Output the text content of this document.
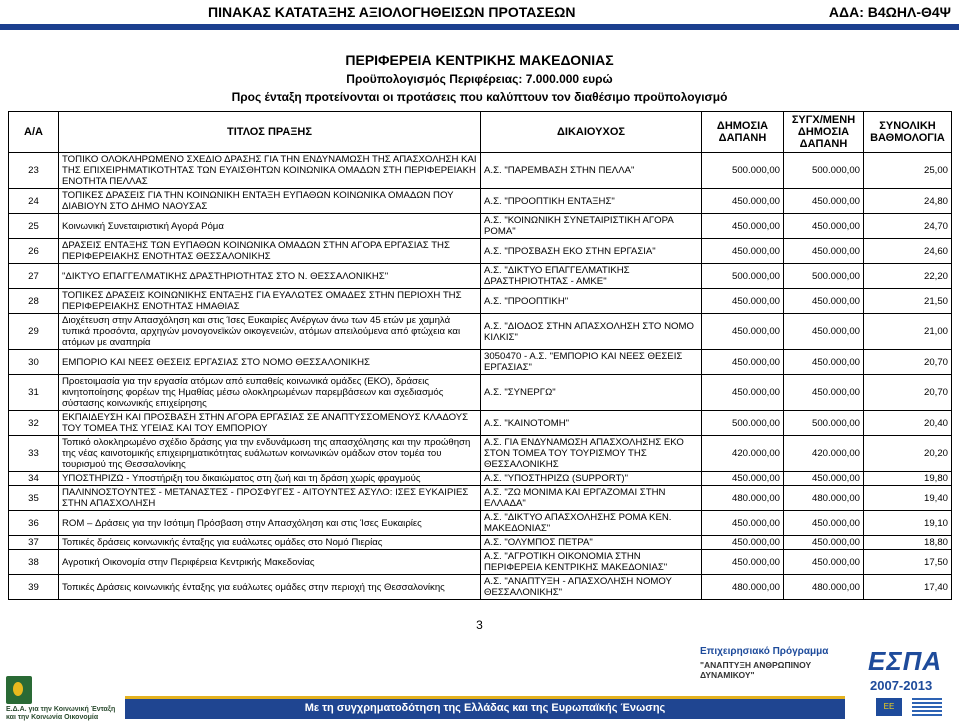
ΠΙΝΑΚΑΣ ΚΑΤΑΤΑΞΗΣ ΑΞΙΟΛΟΓΗΘΕΙΣΩΝ ΠΡΟΤΑΣΕΩΝ	ΑΔΑ: Β4ΩΗΛ-Θ4Ψ
ΠΕΡΙΦΕΡΕΙΑ ΚΕΝΤΡΙΚΗΣ ΜΑΚΕΔΟΝΙΑΣ
Προϋπολογισμός Περιφέρειας: 7.000.000 ευρώ
Προς ένταξη προτείνονται οι προτάσεις που καλύπτουν τον διαθέσιμο προϋπολογισμό
Α/Α	ΤΙΤΛΟΣ ΠΡΑΞΗΣ	ΔΙΚΑΙΟΥΧΟΣ	ΔΗΜΟΣΙΑ ΔΑΠΑΝΗ	ΣΥΓΧ/ΜΕΝΗ ΔΗΜΟΣΙΑ ΔΑΠΑΝΗ	ΣΥΝΟΛΙΚΗ ΒΑΘΜΟΛΟΓΙΑ
23	ΤΟΠΙΚΟ ΟΛΟΚΛΗΡΩΜΕΝΟ ΣΧΕΔΙΟ ΔΡΑΣΗΣ ΓΙΑ ΤΗΝ ΕΝΔΥΝΑΜΩΣΗ ΤΗΣ ΑΠΑΣΧΟΛΗΣΗ ΚΑΙ ΤΗΣ ΕΠΙΧΕΙΡΗΜΑΤΙΚΟΤΗΤΑΣ ΤΩΝ ΕΥΑΙΣΘΗΤΩΝ ΚΟΙΝΩΝΙΚΑ ΟΜΑΔΩΝ ΣΤΗ ΠΕΡΙΦΕΡΕΙΑΚΗ ΕΝΟΤΗΤΑ ΠΕΛΛΑΣ	Α.Σ. "ΠΑΡΕΜΒΑΣΗ ΣΤΗΝ ΠΕΛΛΑ"	500.000,00	500.000,00	25,00
24	ΤΟΠΙΚΕΣ ΔΡΑΣΕΙΣ ΓΙΑ ΤΗΝ ΚΟΙΝΩΝΙΚΗ ΕΝΤΑΞΗ ΕΥΠΑΘΩΝ ΚΟΙΝΩΝΙΚΑ ΟΜΑΔΩΝ ΠΟΥ ΔΙΑΒΙΟΥΝ ΣΤΟ ΔΗΜΟ ΝΑΟΥΣΑΣ	Α.Σ. "ΠΡΟΟΠΤΙΚΗ ΕΝΤΑΞΗΣ"	450.000,00	450.000,00	24,80
25	Κοινωνική Συνεταιριστική Αγορά Ρόμα	Α.Σ. "ΚΟΙΝΩΝΙΚΗ ΣΥΝΕΤΑΙΡΙΣΤΙΚΗ ΑΓΟΡΑ ΡΟΜΑ"	450.000,00	450.000,00	24,70
26	ΔΡΑΣΕΙΣ ΕΝΤΑΞΗΣ ΤΩΝ ΕΥΠΑΘΩΝ ΚΟΙΝΩΝΙΚΑ ΟΜΑΔΩΝ ΣΤΗΝ ΑΓΟΡΑ ΕΡΓΑΣΙΑΣ ΤΗΣ ΠΕΡΙΦΕΡΕΙΑΚΗΣ ΕΝΟΤΗΤΑΣ ΘΕΣΣΑΛΟΝΙΚΗΣ	Α.Σ. "ΠΡΟΣΒΑΣΗ ΕΚΟ ΣΤΗΝ ΕΡΓΑΣΙΑ"	450.000,00	450.000,00	24,60
27	"ΔΙΚΤΥΟ ΕΠΑΓΓΕΛΜΑΤΙΚΗΣ ΔΡΑΣΤΗΡΙΟΤΗΤΑΣ ΣΤΟ Ν. ΘΕΣΣΑΛΟΝΙΚΗΣ"	Α.Σ. "ΔΙΚΤΥΟ ΕΠΑΓΓΕΛΜΑΤΙΚΗΣ ΔΡΑΣΤΗΡΙΟΤΗΤΑΣ - ΑΜΚΕ"	500.000,00	500.000,00	22,20
28	ΤΟΠΙΚΕΣ ΔΡΑΣΕΙΣ ΚΟΙΝΩΝΙΚΗΣ ΕΝΤΑΞΗΣ ΓΙΑ ΕΥΑΛΩΤΕΣ ΟΜΑΔΕΣ ΣΤΗΝ ΠΕΡΙΟΧΗ ΤΗΣ ΠΕΡΙΦΕΡΕΙΑΚΗΣ ΕΝΟΤΗΤΑΣ ΗΜΑΘΙΑΣ	Α.Σ. "ΠΡΟΟΠΤΙΚΗ"	450.000,00	450.000,00	21,50
29	Διοχέτευση στην Απασχόληση και στις Ίσες Ευκαιρίες Ανέργων άνω των 45 ετών με χαμηλά τυπικά προσόντα, αρχηγών μονογονεϊκών οικογενειών, ατόμων απειλούμενα από φτώχεια και ατόμων με αναπηρία	Α.Σ. "ΔΙΟΔΟΣ ΣΤΗΝ ΑΠΑΣΧΟΛΗΣΗ ΣΤΟ ΝΟΜΟ ΚΙΛΚΙΣ"	450.000,00	450.000,00	21,00
30	ΕΜΠΟΡΙΟ ΚΑΙ ΝΕΕΣ ΘΕΣΕΙΣ ΕΡΓΑΣΙΑΣ ΣΤΟ ΝΟΜΟ ΘΕΣΣΑΛΟΝΙΚΗΣ	3050470 - Α.Σ. "ΕΜΠΟΡΙΟ ΚΑΙ ΝΕΕΣ ΘΕΣΕΙΣ ΕΡΓΑΣΙΑΣ"	450.000,00	450.000,00	20,70
31	Προετοιμασία για την εργασία ατόμων από ευπαθείς κοινωνικά ομάδες (ΕΚΟ), δράσεις κινητοποίησης φορέων της Ημαθίας μέσω ολοκληρωμένων παρεμβάσεων και σχεδιασμός σύστασης κοινωνικής επιχείρησης	Α.Σ. "ΣΥΝΕΡΓΩ"	450.000,00	450.000,00	20,70
32	ΕΚΠΑΙΔΕΥΣΗ ΚΑΙ ΠΡΟΣΒΑΣΗ ΣΤΗΝ ΑΓΟΡΑ ΕΡΓΑΣΙΑΣ ΣΕ ΑΝΑΠΤΥΣΣΟΜΕΝΟΥΣ ΚΛΑΔΟΥΣ ΤΟΥ ΤΟΜΕΑ ΤΗΣ ΥΓΕΙΑΣ ΚΑΙ ΤΟΥ ΕΜΠΟΡΙΟΥ	Α.Σ. "ΚΑΙΝΟΤΟΜΗ"	500.000,00	500.000,00	20,40
33	Τοπικό ολοκληρωμένο σχέδιο δράσης για την ενδυνάμωση της απασχόλησης και την προώθηση της νέας καινοτομικής επιχειρηματικότητας ευάλωτων κοινωνικών ομάδων στον τομέα του τουρισμού της Θεσσαλονίκης	Α.Σ. ΓΙΑ ΕΝΔΥΝΑΜΩΣΗ ΑΠΑΣΧΟΛΗΣΗΣ ΕΚΟ ΣΤΟΝ ΤΟΜΕΑ ΤΟΥ ΤΟΥΡΙΣΜΟΥ ΤΗΣ ΘΕΣΣΑΛΟΝΙΚΗΣ	420.000,00	420.000,00	20,20
34	ΥΠΟΣΤΗΡΙΖΩ - Υποστήριξη του δικαιώματος στη ζωή και τη δράση χωρίς φραγμούς	Α.Σ. "ΥΠΟΣΤΗΡΙΖΩ (SUPPORT)"	450.000,00	450.000,00	19,80
35	ΠΑΛΙΝΝΟΣΤΟΥΝΤΕΣ - ΜΕΤΑΝΑΣΤΕΣ - ΠΡΟΣΦΥΓΕΣ - ΑΙΤΟΥΝΤΕΣ ΑΣΥΛΟ: ΙΣΕΣ ΕΥΚΑΙΡΙΕΣ ΣΤΗΝ ΑΠΑΣΧΟΛΗΣΗ	Α.Σ. "ΖΩ ΜΟΝΙΜΑ ΚΑΙ ΕΡΓΑΖΟΜΑΙ ΣΤΗΝ ΕΛΛΑΔΑ"	480.000,00	480.000,00	19,40
36	ROM – Δράσεις για την Ισότιμη Πρόσβαση στην Απασχόληση και στις Ίσες Ευκαιρίες	Α.Σ. "ΔΙΚΤΥΟ ΑΠΑΣΧΟΛΗΣΗΣ ΡΟΜΑ ΚΕΝ. ΜΑΚΕΔΟΝΙΑΣ"	450.000,00	450.000,00	19,10
37	Τοπικές δράσεις κοινωνικής ένταξης για ευάλωτες ομάδες στο Νομό Πιερίας	Α.Σ. "ΟΛΥΜΠΟΣ ΠΕΤΡΑ"	450.000,00	450.000,00	18,80
38	Αγροτική Οικονομία στην Περιφέρεια Κεντρικής Μακεδονίας	Α.Σ. "ΑΓΡΟΤΙΚΗ ΟΙΚΟΝΟΜΙΑ ΣΤΗΝ ΠΕΡΙΦΕΡΕΙΑ ΚΕΝΤΡΙΚΗΣ ΜΑΚΕΔΟΝΙΑΣ"	450.000,00	450.000,00	17,50
39	Τοπικές Δράσεις κοινωνικής ένταξης για ευάλωτες ομάδες στην περιοχή της Θεσσαλονίκης	Α.Σ. "ΑΝΑΠΤΥΞΗ - ΑΠΑΣΧΟΛΗΣΗ ΝΟΜΟΥ ΘΕΣΣΑΛΟΝΙΚΗΣ"	480.000,00	480.000,00	17,40
3
Ε.Δ.Α. για την Κοινωνική Ένταξη και την Κοινωνία Οικονομία
Επιχειρησιακό Πρόγραμμα
"ΑΝΑΠΤΥΞΗ ΑΝΘΡΩΠΙΝΟΥ ΔΥΝΑΜΙΚΟΥ"	ΕΣΠΑ
2007-2013
ΕΕ
Με τη συγχρηματοδότηση της Ελλάδας και της Ευρωπαϊκής Ένωσης
